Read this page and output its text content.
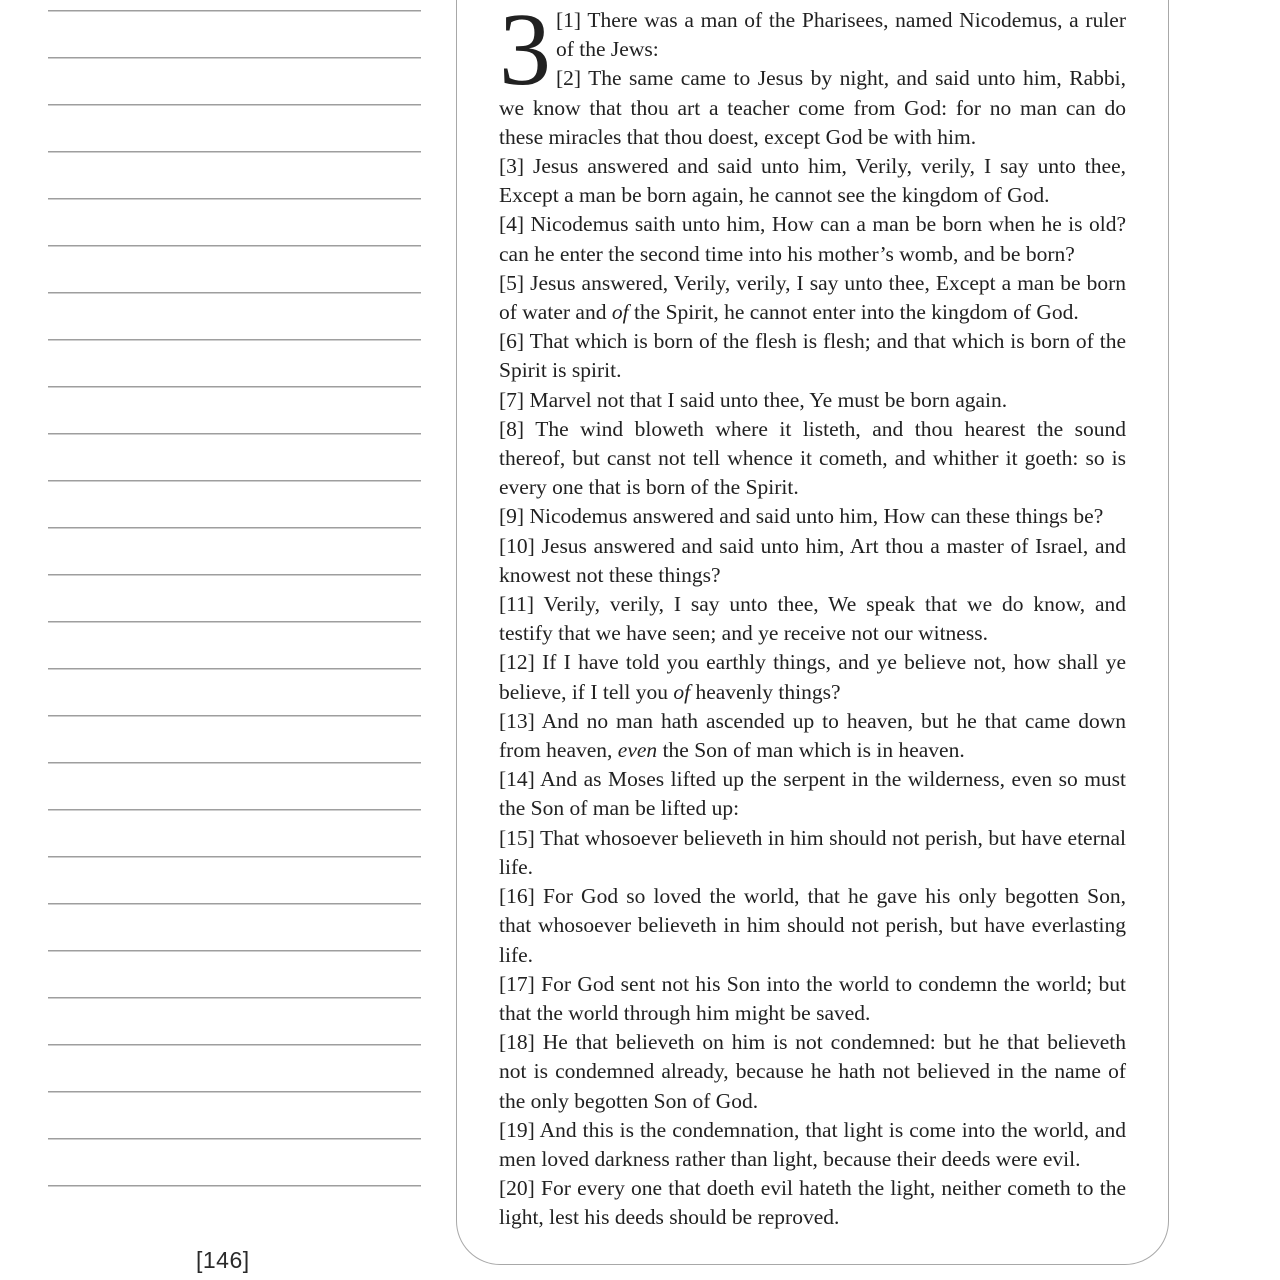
3 [1] There was a man of the Pharisees, named Nicodemus, a ruler of the Jews:

[2] The same came to Jesus by night, and said unto him, Rabbi, we know that thou art a teacher come from God: for no man can do these miracles that thou doest, except God be with him.

[3] Jesus answered and said unto him, Verily, verily, I say unto thee, Except a man be born again, he cannot see the kingdom of God.

[4] Nicodemus saith unto him, How can a man be born when he is old? can he enter the second time into his mother’s womb, and be born?

[5] Jesus answered, Verily, verily, I say unto thee, Except a man be born of water and of the Spirit, he cannot enter into the kingdom of God.

[6] That which is born of the flesh is flesh; and that which is born of the Spirit is spirit.

[7] Marvel not that I said unto thee, Ye must be born again.

[8] The wind bloweth where it listeth, and thou hearest the sound thereof, but canst not tell whence it cometh, and whither it goeth: so is every one that is born of the Spirit.

[9] Nicodemus answered and said unto him, How can these things be?

[10] Jesus answered and said unto him, Art thou a master of Israel, and knowest not these things?

[11] Verily, verily, I say unto thee, We speak that we do know, and testify that we have seen; and ye receive not our witness.

[12] If I have told you earthly things, and ye believe not, how shall ye believe, if I tell you of heavenly things?

[13] And no man hath ascended up to heaven, but he that came down from heaven, even the Son of man which is in heaven.

[14] And as Moses lifted up the serpent in the wilderness, even so must the Son of man be lifted up:

[15] That whosoever believeth in him should not perish, but have eternal life.

[16] For God so loved the world, that he gave his only begotten Son, that whosoever believeth in him should not perish, but have everlasting life.

[17] For God sent not his Son into the world to condemn the world; but that the world through him might be saved.

[18] He that believeth on him is not condemned: but he that believeth not is condemned already, because he hath not believed in the name of the only begotten Son of God.

[19] And this is the condemnation, that light is come into the world, and men loved darkness rather than light, because their deeds were evil.

[20] For every one that doeth evil hateth the light, neither cometh to the light, lest his deeds should be reproved.

[146]
